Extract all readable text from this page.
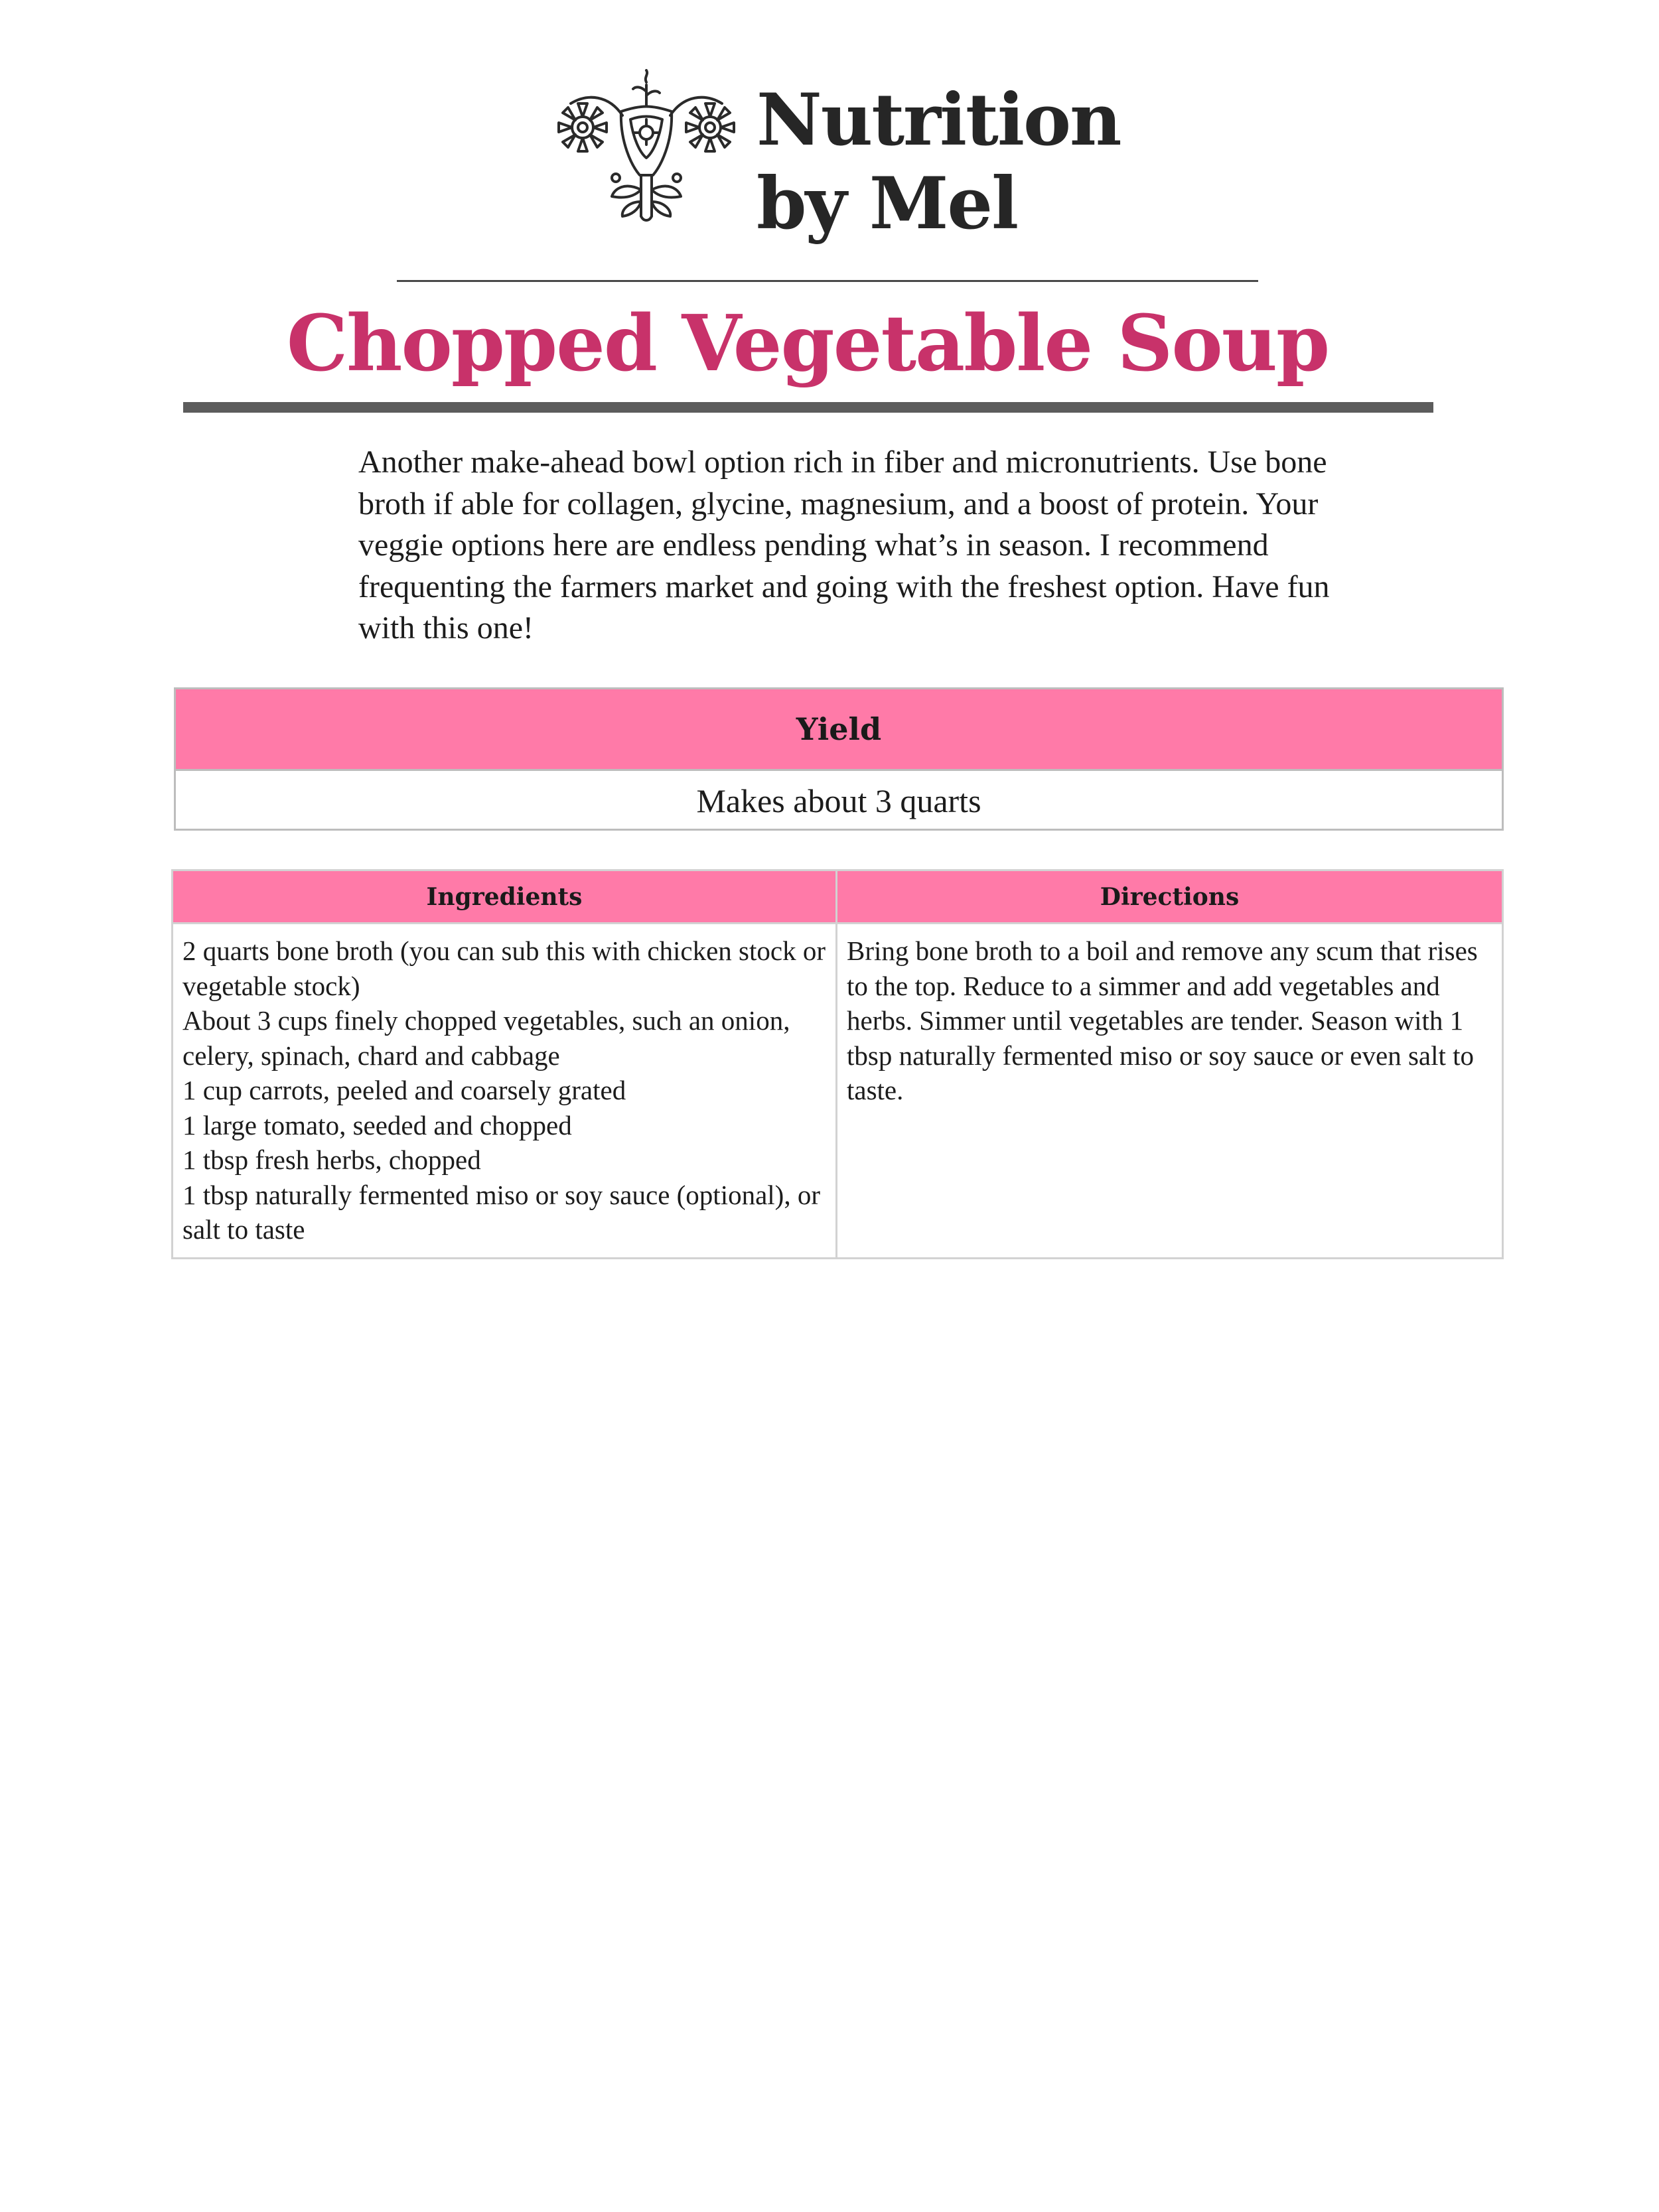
Nutrition
by Mel
Chopped Vegetable Soup

Another make-ahead bowl option rich in fiber and micronutrients. Use bone broth if able for collagen, glycine, magnesium, and a boost of protein. Your veggie options here are endless pending what’s in season. I recommend frequenting the farmers market and going with the freshest option. Have fun with this one!

Yield
Makes about 3 quarts
Ingredients
2 quarts bone broth (you can sub this with chicken stock or vegetable stock)
About 3 cups finely chopped vegetables, such an onion, celery, spinach, chard and cabbage
1 cup carrots, peeled and coarsely grated
1 large tomato, seeded and chopped
1 tbsp fresh herbs, chopped
1 tbsp naturally fermented miso or soy sauce (optional), or salt to taste
Directions

Bring bone broth to a boil and remove any scum that rises to the top. Reduce to a simmer and add vegetables and herbs. Simmer until vegetables are tender. Season with 1 tbsp naturally fermented miso or soy sauce or even salt to taste.
